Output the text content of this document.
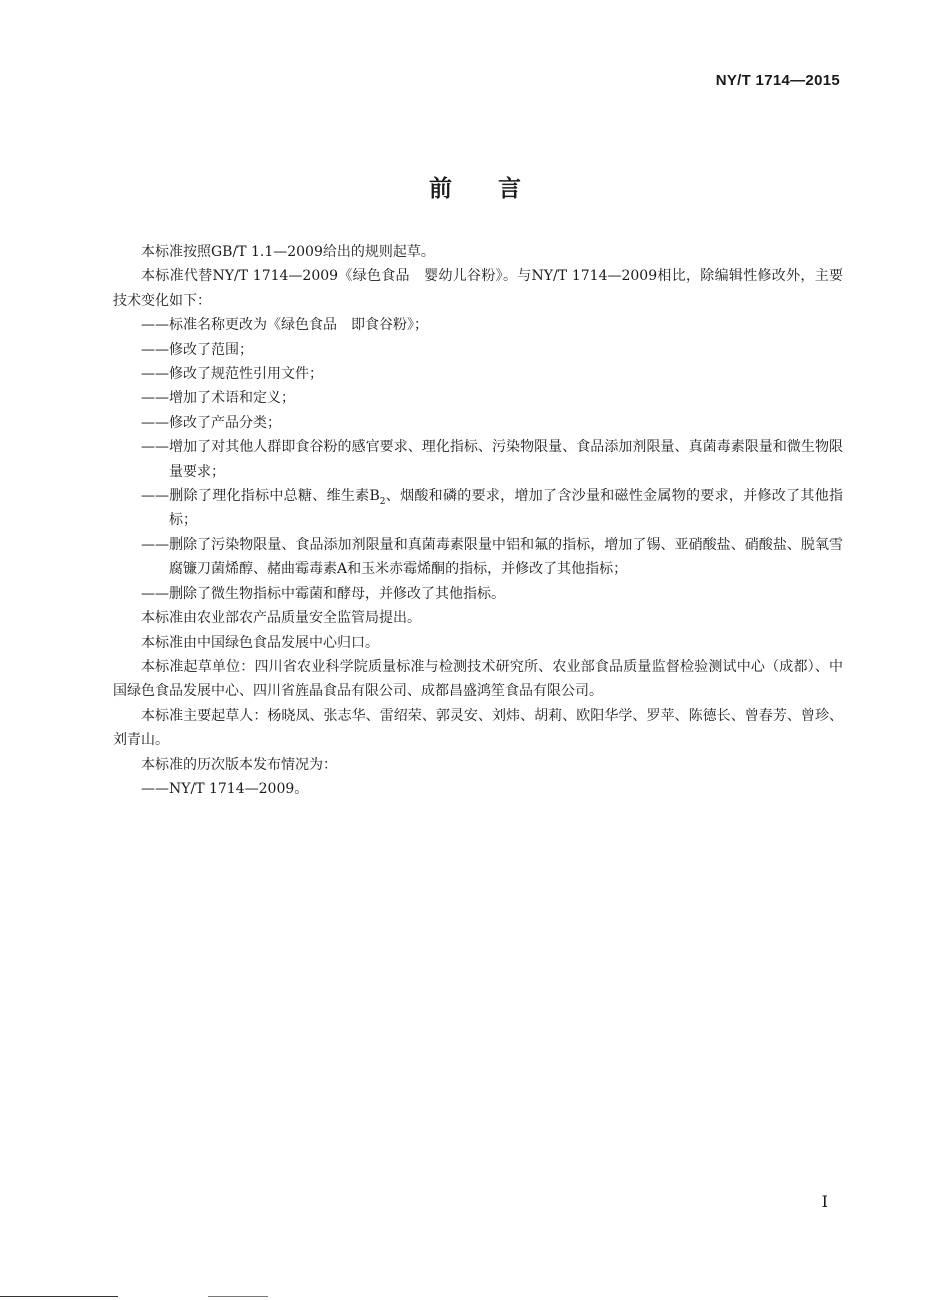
NY/T 1714—2015
前言

本标准按照GB/T 1.1—2009给出的规则起草。

本标准代替NY/T 1714—2009《绿色食品　婴幼儿谷粉》。与NY/T 1714—2009相比，除编辑性修改外，主要技术变化如下：

——标准名称更改为《绿色食品　即食谷粉》；

——修改了范围；

——修改了规范性引用文件；

——增加了术语和定义；

——修改了产品分类；

——增加了对其他人群即食谷粉的感官要求、理化指标、污染物限量、食品添加剂限量、真菌毒素限量和微生物限量要求；

——删除了理化指标中总糖、维生素$B_2$、烟酸和磷的要求，增加了含沙量和磁性金属物的要求，并修改了其他指标；

——删除了污染物限量、食品添加剂限量和真菌毒素限量中铝和氟的指标，增加了锡、亚硝酸盐、硝酸盐、脱氧雪腐镰刀菌烯醇、赭曲霉毒素A和玉米赤霉烯酮的指标，并修改了其他指标；

——删除了微生物指标中霉菌和酵母，并修改了其他指标。

本标准由农业部农产品质量安全监管局提出。

本标准由中国绿色食品发展中心归口。

本标准起草单位：四川省农业科学院质量标准与检测技术研究所、农业部食品质量监督检验测试中心（成都）、中国绿色食品发展中心、四川省旌晶食品有限公司、成都昌盛鸿笙食品有限公司。

本标准主要起草人：杨晓凤、张志华、雷绍荣、郭灵安、刘炜、胡莉、欧阳华学、罗苹、陈德长、曾春芳、曾珍、刘青山。

本标准的历次版本发布情况为：

——NY/T 1714—2009。

I
